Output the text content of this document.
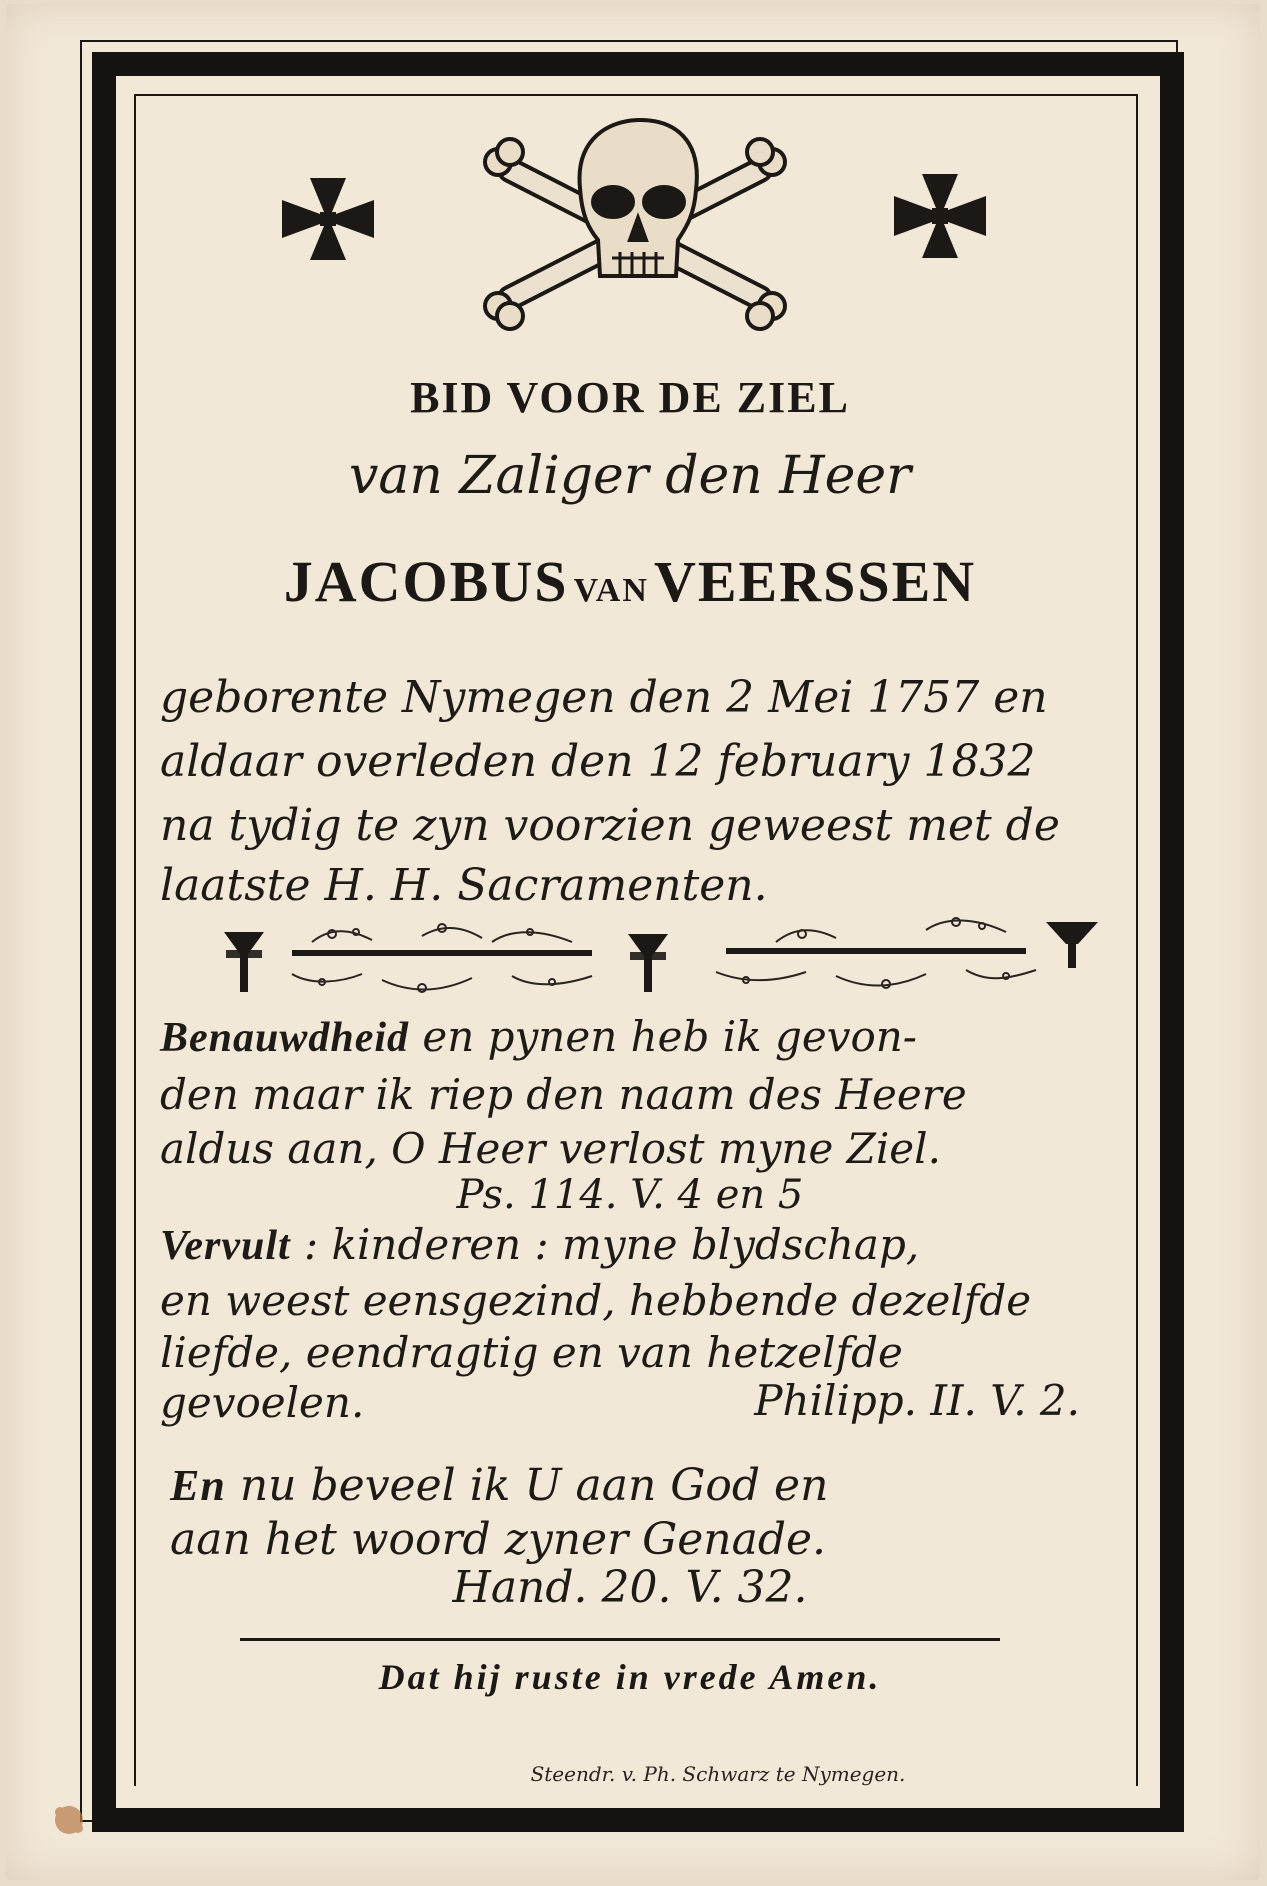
BID VOOR DE ZIEL
van Zaliger den Heer
JACOBUS VAN VEERSSEN
geborente Nymegen den 2 Mei 1757 en
aldaar overleden den 12 february 1832
na tydig te zyn voorzien geweest met de
laatste H. H. Sacramenten.
Benauwdheid en pynen heb ik gevon-
den maar ik riep den naam des Heere
aldus aan, O Heer verlost myne Ziel.
Ps. 114. V. 4 en 5
Vervult : kinderen : myne blydschap,
en weest eensgezind, hebbende dezelfde
liefde, eendragtig en van hetzelfde
gevoelen.	Philipp. II. V. 2.
En nu beveel ik U aan God en
aan het woord zyner Genade.
Hand. 20. V. 32.
Dat hij ruste in vrede Amen.
Steendr. v. Ph. Schwarz te Nymegen.
